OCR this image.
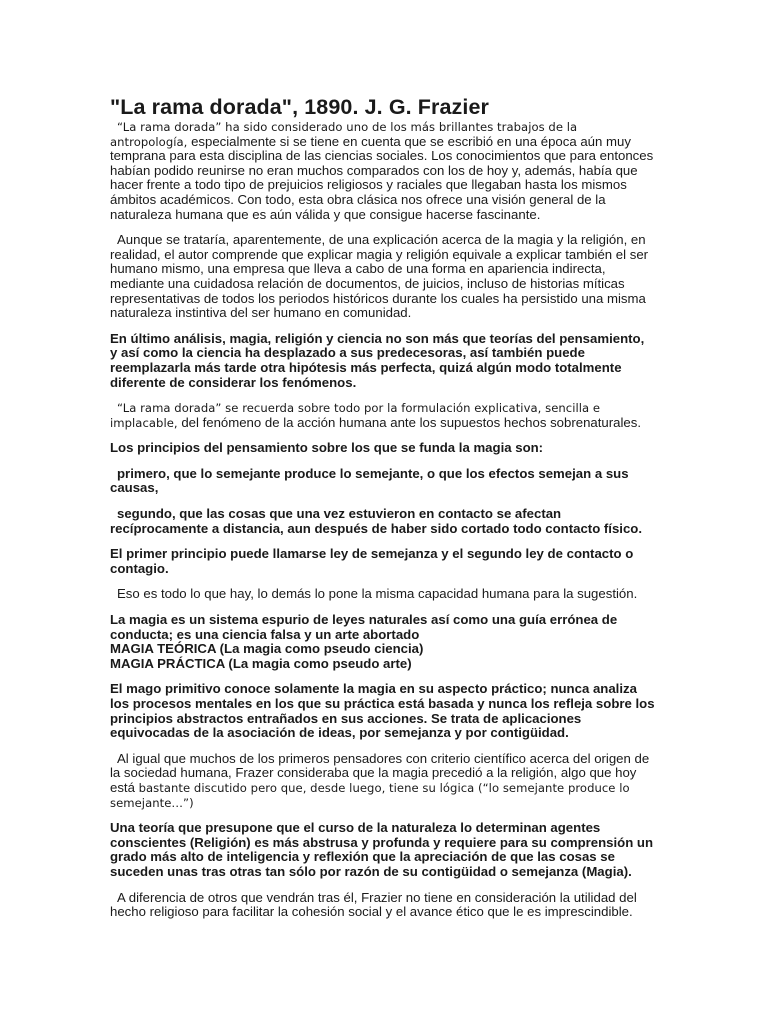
"La rama dorada", 1890. J. G. Frazier
“La rama dorada” ha sido considerado uno de los más brillantes trabajos de la antropología, especialmente si se tiene en cuenta que se escribió en una época aún muy temprana para esta disciplina de las ciencias sociales. Los conocimientos que para entonces habían podido reunirse no eran muchos comparados con los de hoy y, además, había que hacer frente a todo tipo de prejuicios religiosos y raciales que llegaban hasta los mismos ámbitos académicos. Con todo, esta obra clásica nos ofrece una visión general de la naturaleza humana que es aún válida y que consigue hacerse fascinante.
Aunque se trataría, aparentemente, de una explicación acerca de la magia y la religión, en realidad, el autor comprende que explicar magia y religión equivale a explicar también el ser humano mismo, una empresa que lleva a cabo de una forma en apariencia indirecta, mediante una cuidadosa relación de documentos, de juicios, incluso de historias míticas representativas de todos los periodos históricos durante los cuales ha persistido una misma naturaleza instintiva del ser humano en comunidad.
En último análisis, magia, religión y ciencia no son más que teorías del pensamiento, y así como la ciencia ha desplazado a sus predecesoras, así también puede reemplazarla más tarde otra hipótesis más perfecta, quizá algún modo totalmente diferente de considerar los fenómenos.
“La rama dorada” se recuerda sobre todo por la formulación explicativa, sencilla e implacable, del fenómeno de la acción humana ante los supuestos hechos sobrenaturales.
Los principios del pensamiento sobre los que se funda la magia son:
primero, que lo semejante produce lo semejante, o que los efectos semejan a sus causas,
segundo, que las cosas que una vez estuvieron en contacto se afectan recíprocamente a distancia, aun después de haber sido cortado todo contacto físico.
El primer principio puede llamarse ley de semejanza y el segundo ley de contacto o contagio.
Eso es todo lo que hay, lo demás lo pone la misma capacidad humana para la sugestión.
La magia es un sistema espurio de leyes naturales así como una guía errónea de conducta; es una ciencia falsa y un arte abortado
MAGIA TEÓRICA (La magia como pseudo ciencia)
MAGIA PRÁCTICA (La magia como pseudo arte)
El mago primitivo conoce solamente la magia en su aspecto práctico; nunca analiza los procesos mentales en los que su práctica está basada y nunca los refleja sobre los principios abstractos entrañados en sus acciones. Se trata de aplicaciones equivocadas de la asociación de ideas, por semejanza y por contigüidad.
Al igual que muchos de los primeros pensadores con criterio científico acerca del origen de la sociedad humana, Frazer consideraba que la magia precedió a la religión, algo que hoy está bastante discutido pero que, desde luego, tiene su lógica (“lo semejante produce lo semejante…”)
Una teoría que presupone que el curso de la naturaleza lo determinan agentes conscientes (Religión) es más abstrusa y profunda y requiere para su comprensión un grado más alto de inteligencia y reflexión que la apreciación de que las cosas se suceden unas tras otras tan sólo por razón de su contigüidad o semejanza (Magia).
A diferencia de otros que vendrán tras él, Frazier no tiene en consideración la utilidad del hecho religioso para facilitar la cohesión social y el avance ético que le es imprescindible.
